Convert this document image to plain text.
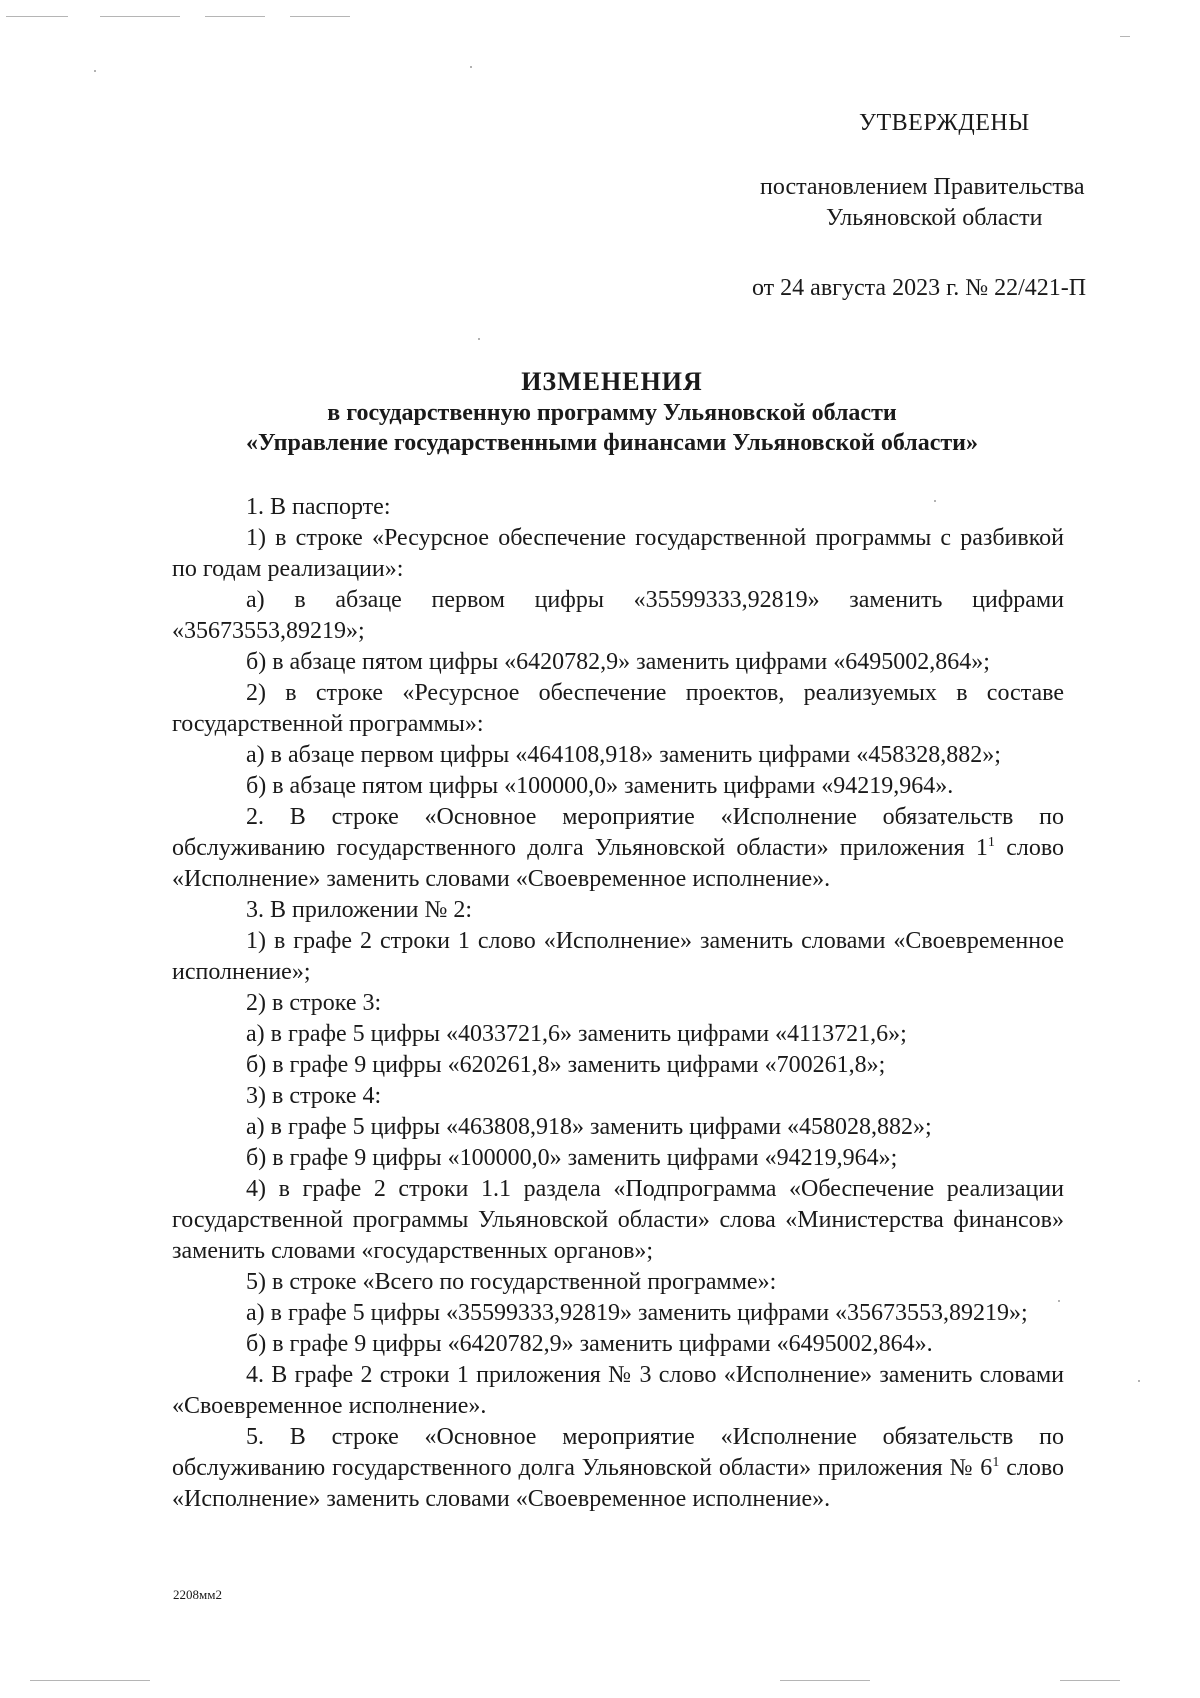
УТВЕРЖДЕНЫ
постановлением Правительства
Ульяновской области
от 24 августа 2023 г. № 22/421-П
ИЗМЕНЕНИЯ
в государственную программу Ульяновской области
«Управление государственными финансами Ульяновской области»

1. В паспорте:

1) в строке «Ресурсное обеспечение государственной программы с разбивкой по годам реализации»:

а) в абзаце первом цифры «35599333,92819» заменить цифрами «35673553,89219»;

б) в абзаце пятом цифры «6420782,9» заменить цифрами «6495002,864»;

2) в строке «Ресурсное обеспечение проектов, реализуемых в составе государственной программы»:

а) в абзаце первом цифры «464108,918» заменить цифрами «458328,882»;

б) в абзаце пятом цифры «100000,0» заменить цифрами «94219,964».

2. В строке «Основное мероприятие «Исполнение обязательств по обслуживанию государственного долга Ульяновской области» приложения $1^1$ слово «Исполнение» заменить словами «Своевременное исполнение».

3. В приложении № 2:

1) в графе 2 строки 1 слово «Исполнение» заменить словами «Своевременное исполнение»;

2) в строке 3:

а) в графе 5 цифры «4033721,6» заменить цифрами «4113721,6»;

б) в графе 9 цифры «620261,8» заменить цифрами «700261,8»;

3) в строке 4:

а) в графе 5 цифры «463808,918» заменить цифрами «458028,882»;

б) в графе 9 цифры «100000,0» заменить цифрами «94219,964»;

4) в графе 2 строки 1.1 раздела «Подпрограмма «Обеспечение реализации государственной программы Ульяновской области» слова «Министерства финансов» заменить словами «государственных органов»;

5) в строке «Всего по государственной программе»:

а) в графе 5 цифры «35599333,92819» заменить цифрами «35673553,89219»;

б) в графе 9 цифры «6420782,9» заменить цифрами «6495002,864».

4. В графе 2 строки 1 приложения № 3 слово «Исполнение» заменить словами «Своевременное исполнение».

5. В строке «Основное мероприятие «Исполнение обязательств по обслуживанию государственного долга Ульяновской области» приложения № $6^1$ слово «Исполнение» заменить словами «Своевременное исполнение».

2208мм2
